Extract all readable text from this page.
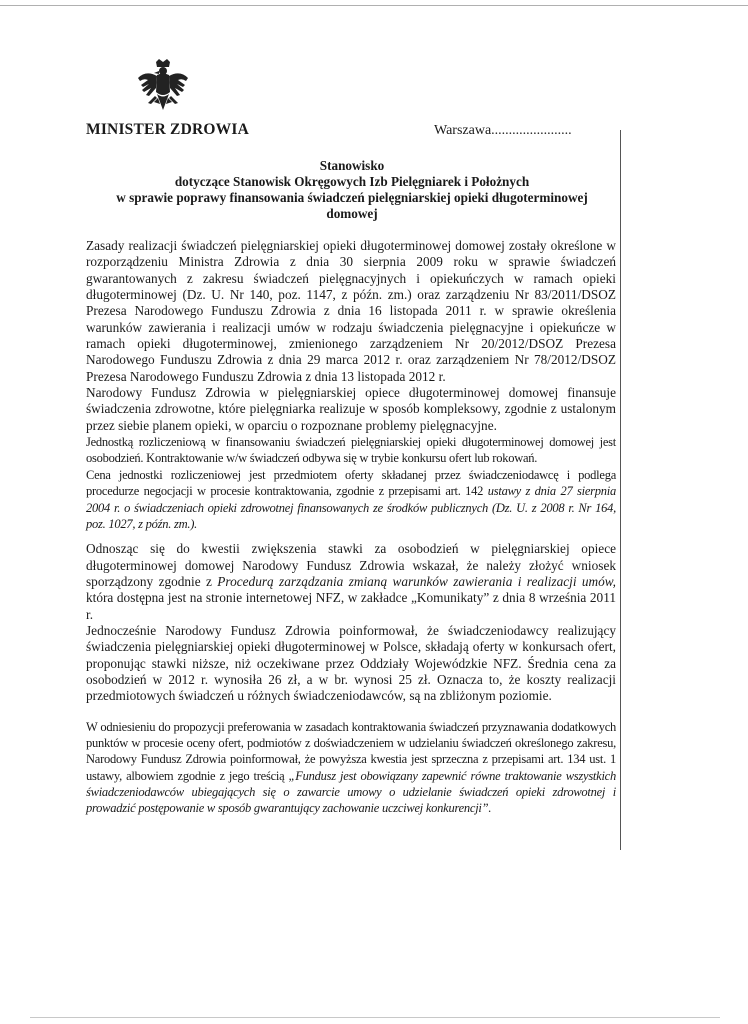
MINISTER ZDROWIA	Warszawa.......................
Stanowisko
dotyczące Stanowisk Okręgowych Izb Pielęgniarek i Położnych
w sprawie poprawy finansowania świadczeń pielęgniarskiej opieki długoterminowej
domowej

Zasady realizacji świadczeń pielęgniarskiej opieki długoterminowej domowej zostały określone w rozporządzeniu Ministra Zdrowia z dnia 30 sierpnia 2009 roku w sprawie świadczeń gwarantowanych z zakresu świadczeń pielęgnacyjnych i opiekuńczych w ramach opieki długoterminowej (Dz. U. Nr 140, poz. 1147, z późn. zm.) oraz zarządzeniu Nr 83/2011/DSOZ Prezesa Narodowego Funduszu Zdrowia z dnia 16 listopada 2011 r. w sprawie określenia warunków zawierania i realizacji umów w rodzaju świadczenia pielęgnacyjne i opiekuńcze w ramach opieki długoterminowej, zmienionego zarządzeniem Nr 20/2012/DSOZ Prezesa Narodowego Funduszu Zdrowia z dnia 29 marca 2012 r. oraz zarządzeniem Nr 78/2012/DSOZ Prezesa Narodowego Funduszu Zdrowia z dnia 13 listopada 2012 r.

Narodowy Fundusz Zdrowia w pielęgniarskiej opiece długoterminowej domowej finansuje świadczenia zdrowotne, które pielęgniarka realizuje w sposób kompleksowy, zgodnie z ustalonym przez siebie planem opieki, w oparciu o rozpoznane problemy pielęgnacyjne.

Jednostką rozliczeniową w finansowaniu świadczeń pielęgniarskiej opieki długoterminowej domowej jest osobodzień. Kontraktowanie w/w świadczeń odbywa się w trybie konkursu ofert lub rokowań.

Cena jednostki rozliczeniowej jest przedmiotem oferty składanej przez świadczeniodawcę i podlega procedurze negocjacji w procesie kontraktowania, zgodnie z przepisami art. 142 ustawy z dnia 27 sierpnia 2004 r. o świadczeniach opieki zdrowotnej finansowanych ze środków publicznych (Dz. U. z 2008 r. Nr 164, poz. 1027, z późn. zm.).

Odnosząc się do kwestii zwiększenia stawki za osobodzień w pielęgniarskiej opiece długoterminowej domowej Narodowy Fundusz Zdrowia wskazał, że należy złożyć wniosek sporządzony zgodnie z Procedurą zarządzania zmianą warunków zawierania i realizacji umów, która dostępna jest na stronie internetowej NFZ, w zakładce „Komunikaty” z dnia 8 września 2011 r.

Jednocześnie Narodowy Fundusz Zdrowia poinformował, że świadczeniodawcy realizujący świadczenia pielęgniarskiej opieki długoterminowej w Polsce, składają oferty w konkursach ofert, proponując stawki niższe, niż oczekiwane przez Oddziały Wojewódzkie NFZ. Średnia cena za osobodzień w 2012 r. wynosiła 26 zł, a w br. wynosi 25 zł. Oznacza to, że koszty realizacji przedmiotowych świadczeń u różnych świadczeniodawców, są na zbliżonym poziomie.

W odniesieniu do propozycji preferowania w zasadach kontraktowania świadczeń przyznawania dodatkowych punktów w procesie oceny ofert, podmiotów z doświadczeniem w udzielaniu świadczeń określonego zakresu, Narodowy Fundusz Zdrowia poinformował, że powyższa kwestia jest sprzeczna z przepisami art. 134 ust. 1 ustawy, albowiem zgodnie z jego treścią „Fundusz jest obowiązany zapewnić równe traktowanie wszystkich świadczeniodawców ubiegających się o zawarcie umowy o udzielanie świadczeń opieki zdrowotnej i prowadzić postępowanie w sposób gwarantujący zachowanie uczciwej konkurencji”.
